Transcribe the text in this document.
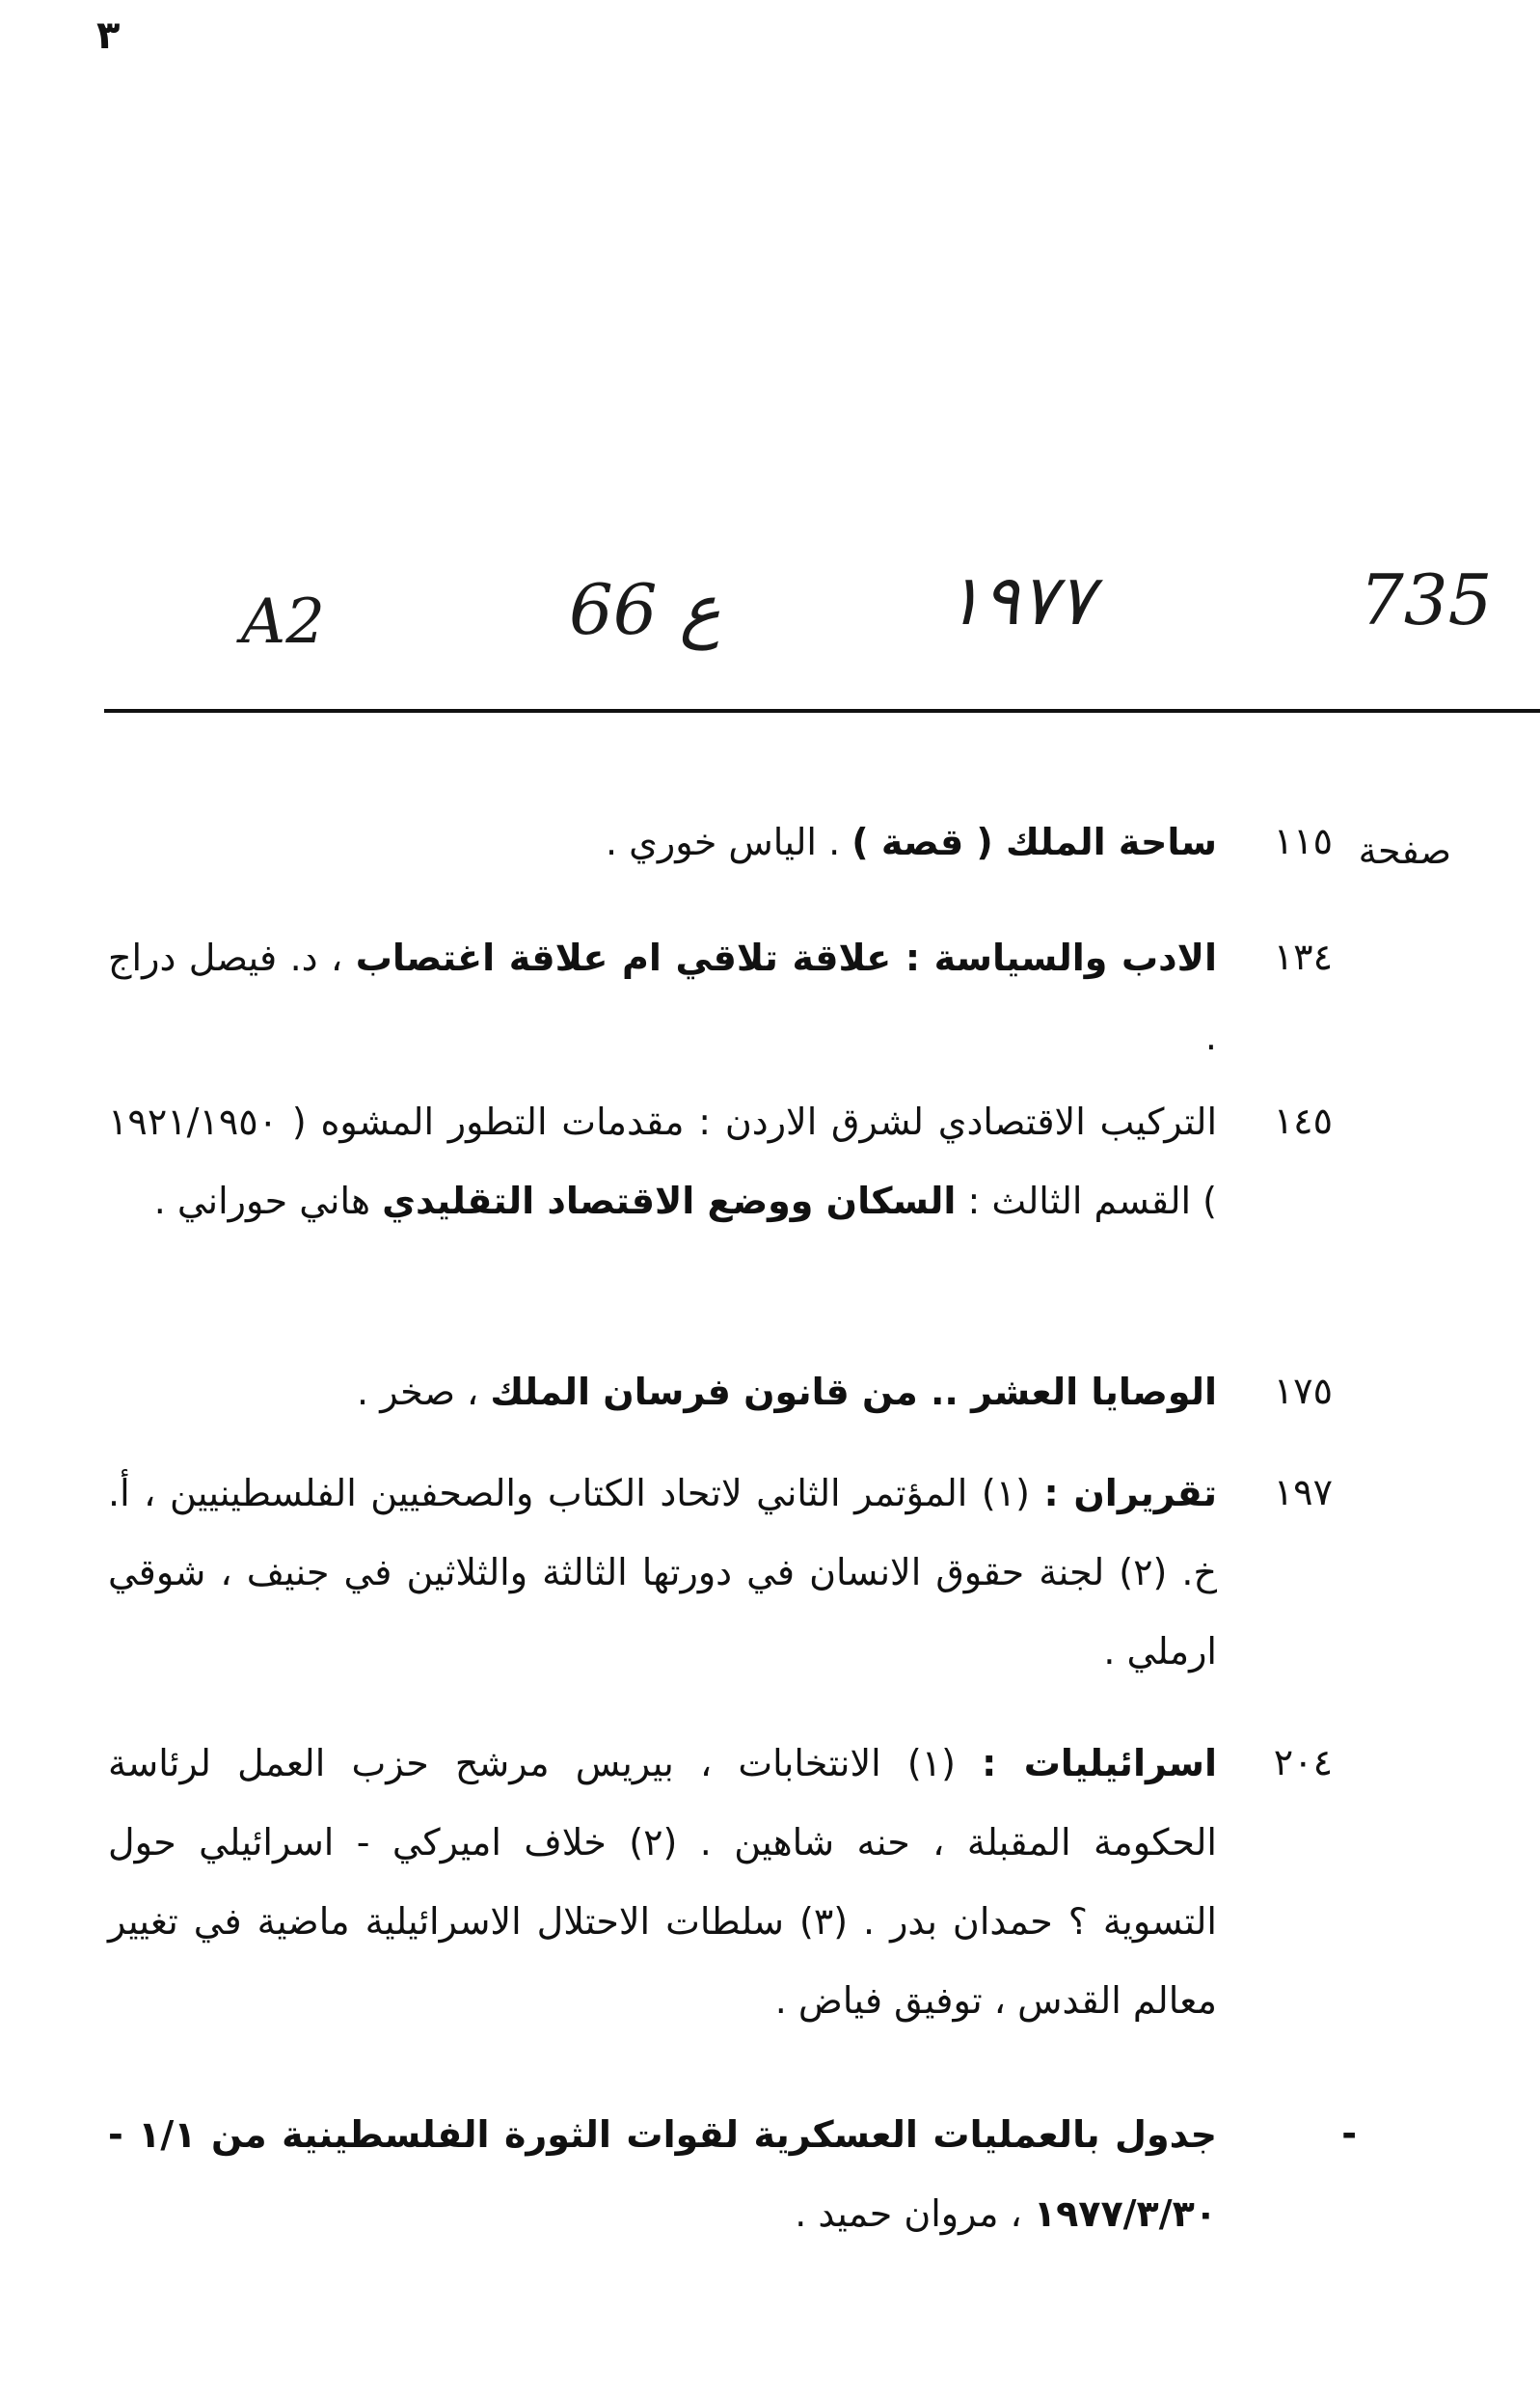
٣
A2	66 ع	١٩٧٧	735
صفحة
١١٥
ساحة الملك ( قصة ) . الياس خوري .
١٣٤
الادب والسياسة : علاقة تلاقي ام علاقة اغتصاب ، د. فيصل دراج .
١٤٥
التركيب الاقتصادي لشرق الاردن : مقدمات التطور المشوه ( ١٩٢١/١٩٥٠ ) القسم الثالث : السكان ووضع الاقتصاد التقليدي هاني حوراني .
١٧٥
الوصايا العشر .. من قانون فرسان الملك ، صخر .
١٩٧
تقريران : (١) المؤتمر الثاني لاتحاد الكتاب والصحفيين الفلسطينيين ، أ. خ. (٢) لجنة حقوق الانسان في دورتها الثالثة والثلاثين في جنيف ، شوقي ارملي .
٢٠٤
اسرائيليات : (١) الانتخابات ، بيريس مرشح حزب العمل لرئاسة الحكومة المقبلة ، حنه شاهين . (٢) خلاف اميركي - اسرائيلي حول التسوية ؟ حمدان بدر . (٣) سلطات الاحتلال الاسرائيلية ماضية في تغيير معالم القدس ، توفيق فياض .
-
جدول بالعمليات العسكرية لقوات الثورة الفلسطينية من ١/١ - ١٩٧٧/٣/٣٠ ، مروان حميد .
